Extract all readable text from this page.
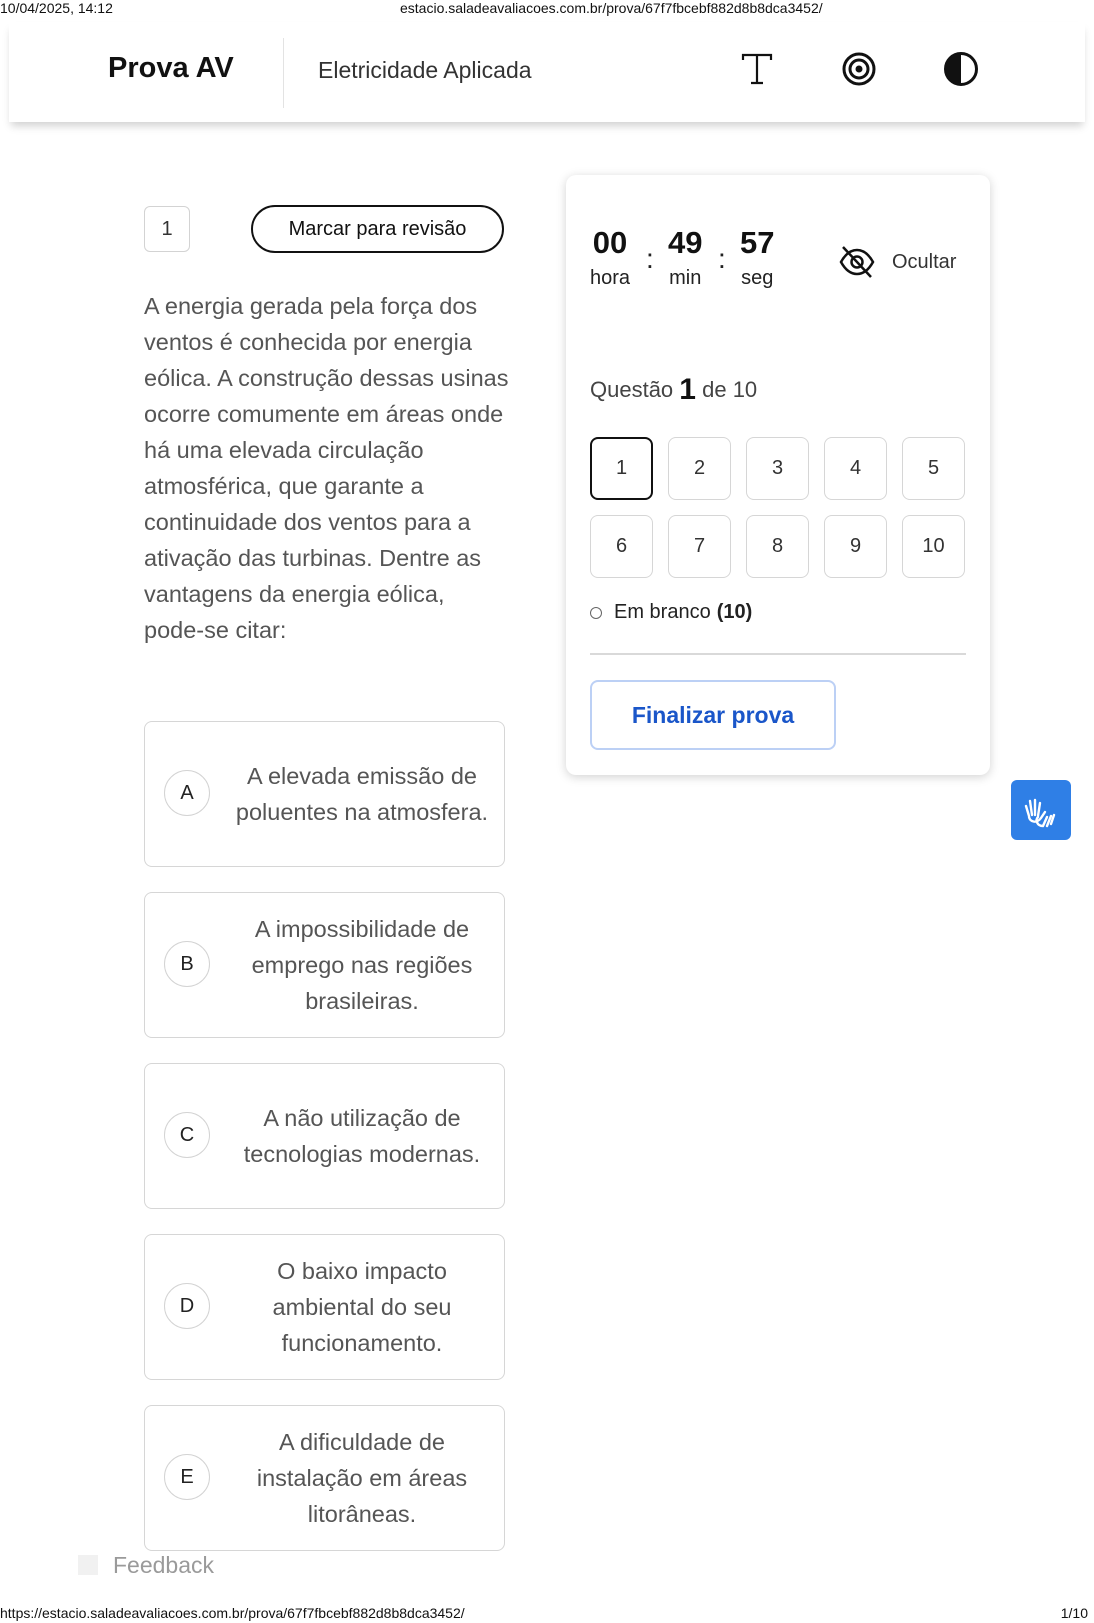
10/04/2025, 14:12	estacio.saladeavaliacoes.com.br/prova/67f7fbcebf882d8b8dca3452/
Prova AV	Eletricidade Aplicada
1	Marcar para revisão
A energia gerada pela força dos ventos é conhecida por energia eólica. A construção dessas usinas ocorre comumente em áreas onde há uma elevada circulação atmosférica, que garante a continuidade dos ventos para a ativação das turbinas. Dentre as vantagens da energia eólica, pode-se citar:
A
A elevada emissão de poluentes na atmosfera.
B
A impossibilidade de emprego nas regiões brasileiras.
C
A não utilização de tecnologias modernas.
D
O baixo impacto ambiental do seu funcionamento.
E
A dificuldade de instalação em áreas litorâneas.
00
hora
: 49
min
: 57
seg
Ocultar
Questão 1 de 10
1	2	3	4	5
6	7	8	9	10
Em branco (10)
Finalizar prova
Feedback
https://estacio.saladeavaliacoes.com.br/prova/67f7fbcebf882d8b8dca3452/	1/10
